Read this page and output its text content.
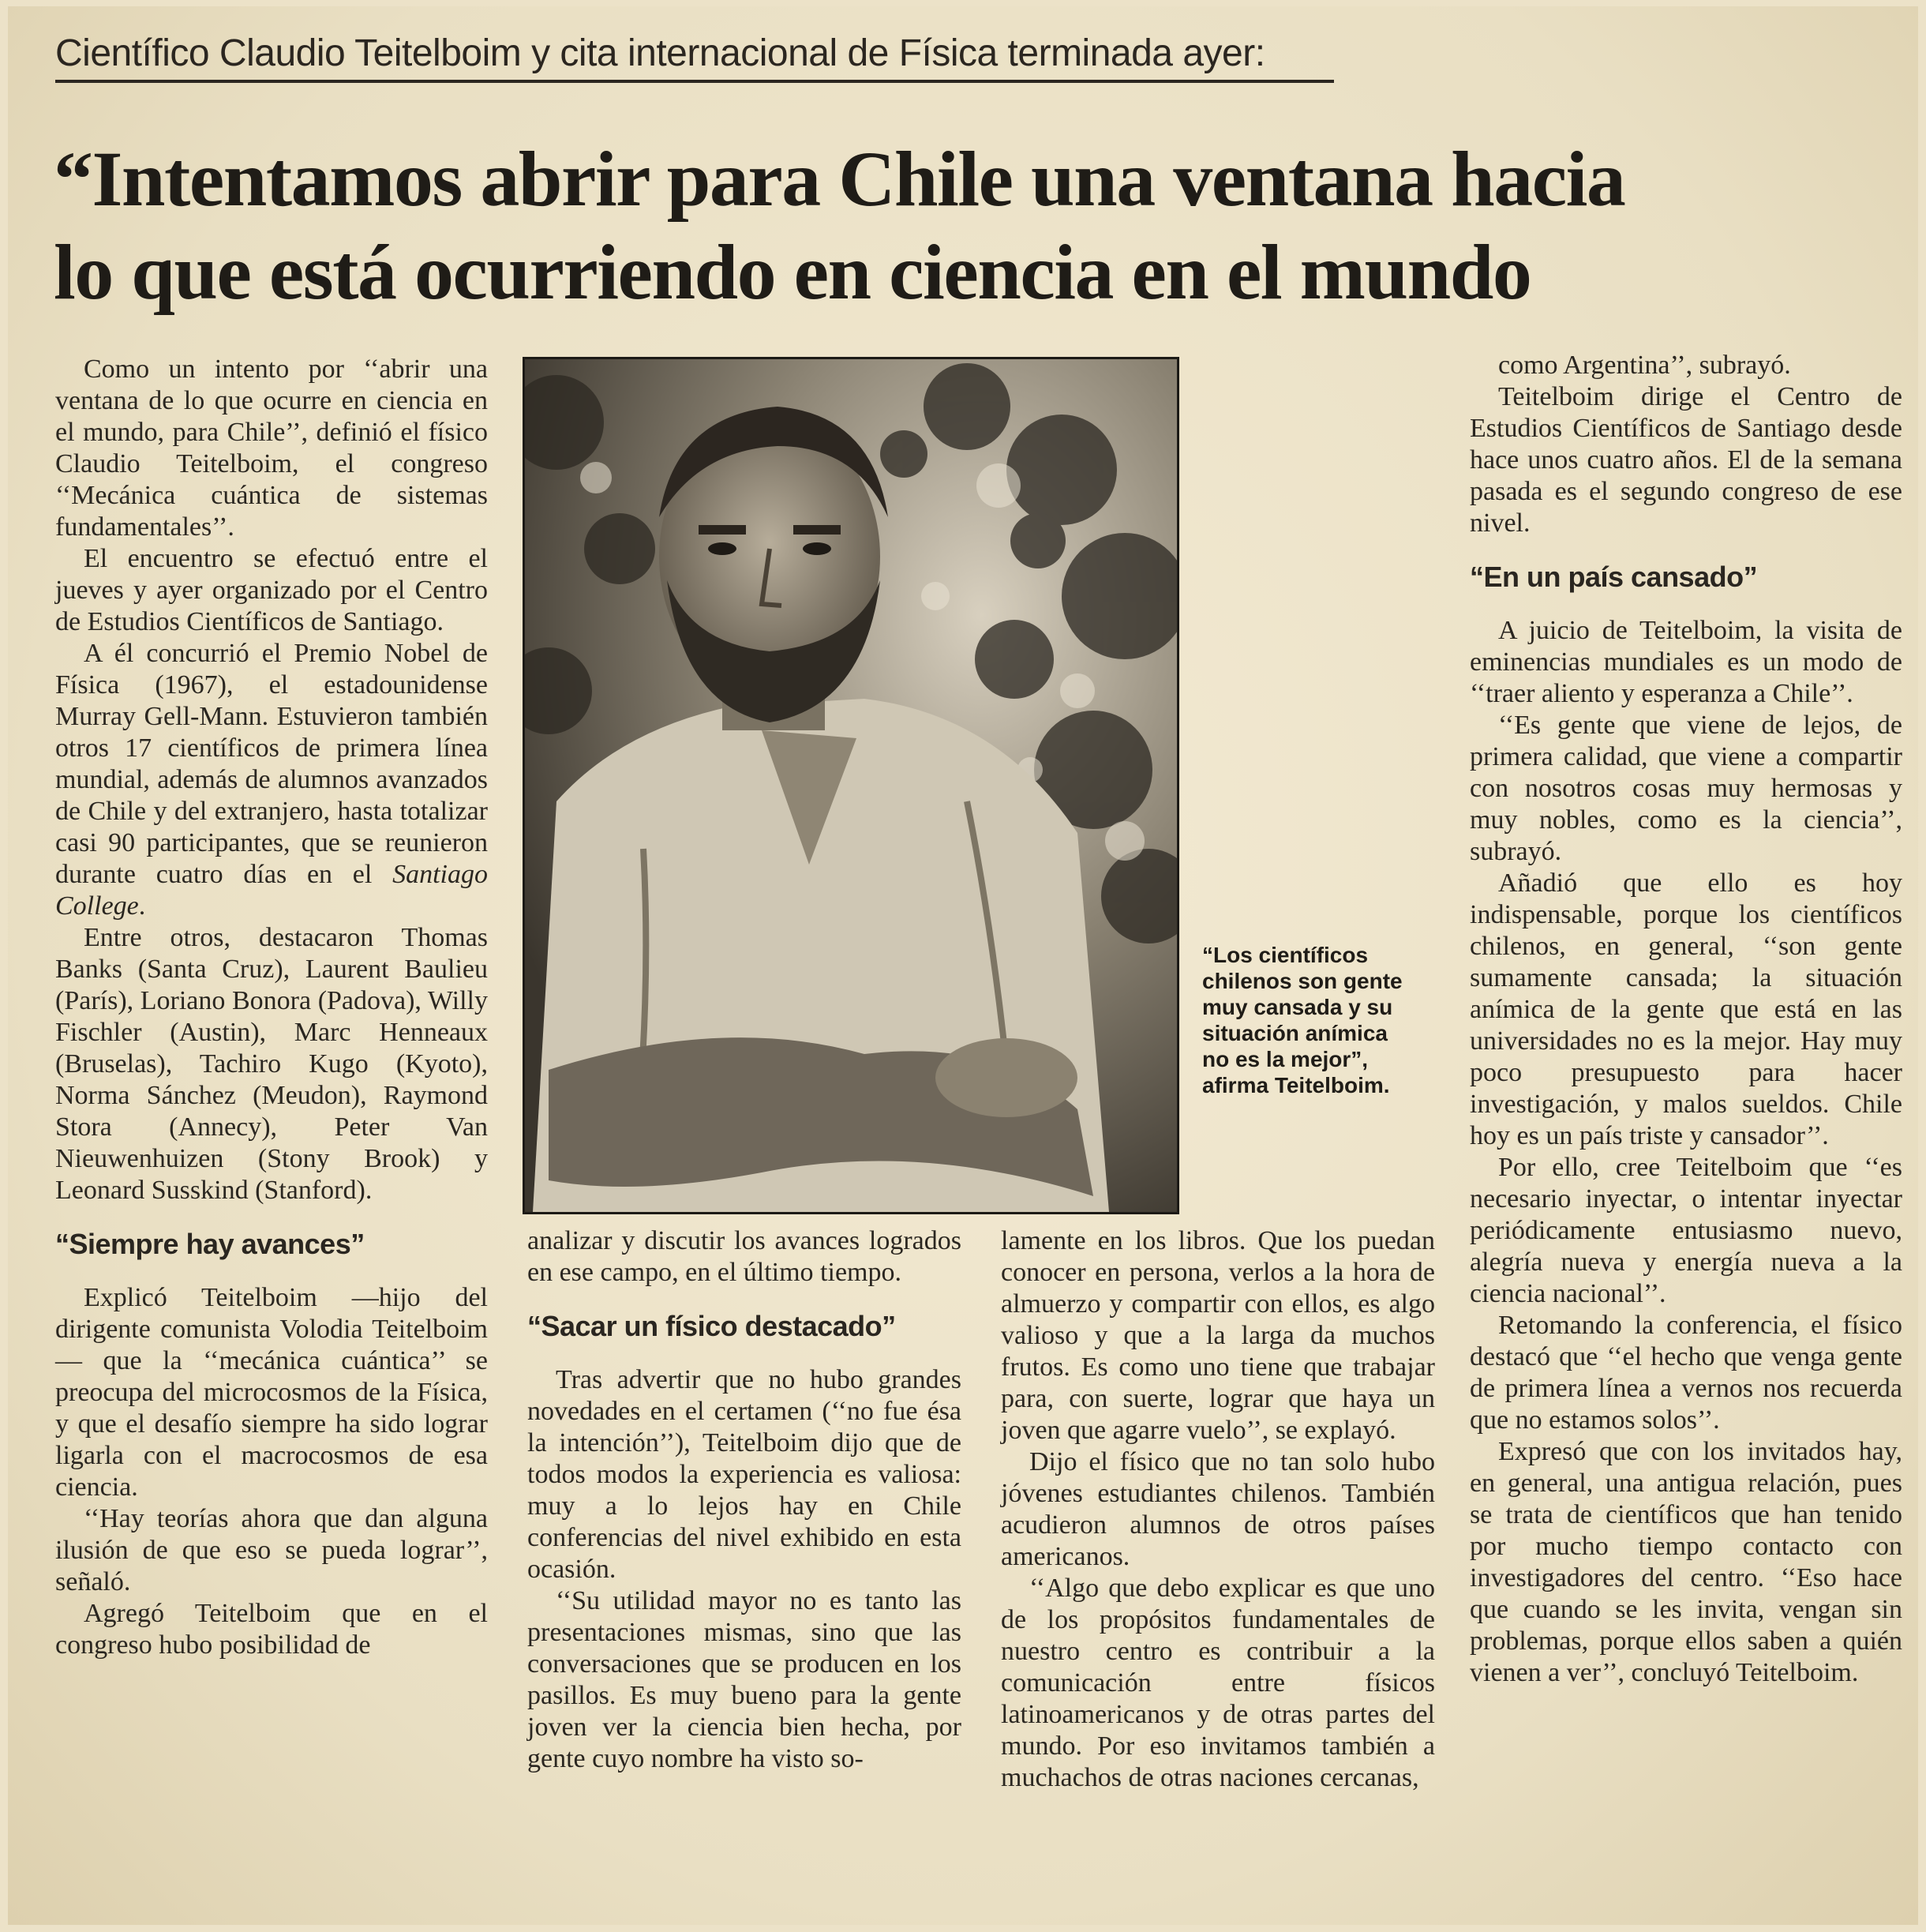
Científico Claudio Teitelboim y cita internacional de Física terminada ayer:
“Intentamos abrir para Chile una ventana hacia
lo que está ocurriendo en ciencia en el mundo

Como un intento por ‘‘abrir una ventana de lo que ocurre en ciencia en el mundo, para Chile’’, definió el físico Claudio Teitelboim, el congreso ‘‘Mecánica cuántica de sistemas fundamentales’’.

El encuentro se efectuó entre el jueves y ayer organizado por el Centro de Estudios Científicos de Santiago.

A él concurrió el Premio Nobel de Física (1967), el estadounidense Murray Gell-Mann. Estuvieron también otros 17 científicos de primera línea mundial, además de alumnos avanzados de Chile y del extranjero, hasta totalizar casi 90 participantes, que se reunieron durante cuatro días en el Santiago College.

Entre otros, destacaron Thomas Banks (Santa Cruz), Laurent Baulieu (París), Loriano Bonora (Padova), Willy Fischler (Austin), Marc Henneaux (Bruselas), Tachiro Kugo (Kyoto), Norma Sánchez (Meudon), Raymond Stora (Annecy), Peter Van Nieuwenhuizen (Stony Brook) y Leonard Susskind (Stanford).

“Siempre hay avances”

Explicó Teitelboim —hijo del dirigente comunista Volodia Teitelboim— que la ‘‘mecánica cuántica’’ se preocupa del microcosmos de la Física, y que el desafío siempre ha sido lograr ligarla con el macrocosmos de esa ciencia.

‘‘Hay teorías ahora que dan alguna ilusión de que eso se pueda lograr’’, señaló.

Agregó Teitelboim que en el congreso hubo posibilidad de

“Los científicos chilenos son gente muy cansada y su situación anímica no es la mejor”, afirma Teitelboim.

analizar y discutir los avances logrados en ese campo, en el último tiempo.

“Sacar un físico destacado”

Tras advertir que no hubo grandes novedades en el certamen (‘‘no fue ésa la intención’’), Teitelboim dijo que de todos modos la experiencia es valiosa: muy a lo lejos hay en Chile conferencias del nivel exhibido en esta ocasión.

‘‘Su utilidad mayor no es tanto las presentaciones mismas, sino que las conversaciones que se producen en los pasillos. Es muy bueno para la gente joven ver la ciencia bien hecha, por gente cuyo nombre ha visto so-

lamente en los libros. Que los puedan conocer en persona, verlos a la hora de almuerzo y compartir con ellos, es algo valioso y que a la larga da muchos frutos. Es como uno tiene que trabajar para, con suerte, lograr que haya un joven que agarre vuelo’’, se explayó.

Dijo el físico que no tan solo hubo jóvenes estudiantes chilenos. También acudieron alumnos de otros países americanos.

‘‘Algo que debo explicar es que uno de los propósitos fundamentales de nuestro centro es contribuir a la comunicación entre físicos latinoamericanos y de otras partes del mundo. Por eso invitamos también a muchachos de otras naciones cercanas,

como Argentina’’, subrayó.

Teitelboim dirige el Centro de Estudios Científicos de Santiago desde hace unos cuatro años. El de la semana pasada es el segundo congreso de ese nivel.

“En un país cansado”

A juicio de Teitelboim, la visita de eminencias mundiales es un modo de ‘‘traer aliento y esperanza a Chile’’.

‘‘Es gente que viene de lejos, de primera calidad, que viene a compartir con nosotros cosas muy hermosas y muy nobles, como es la ciencia’’, subrayó.

Añadió que ello es hoy indispensable, porque los científicos chilenos, en general, ‘‘son gente sumamente cansada; la situación anímica de la gente que está en las universidades no es la mejor. Hay muy poco presupuesto para hacer investigación, y malos sueldos. Chile hoy es un país triste y cansador’’.

Por ello, cree Teitelboim que ‘‘es necesario inyectar, o intentar inyectar periódicamente entusiasmo nuevo, alegría nueva y energía nueva a la ciencia nacional’’.

Retomando la conferencia, el físico destacó que ‘‘el hecho que venga gente de primera línea a vernos nos recuerda que no estamos solos’’.

Expresó que con los invitados hay, en general, una antigua relación, pues se trata de científicos que han tenido por mucho tiempo contacto con investigadores del centro. ‘‘Eso hace que cuando se les invita, vengan sin problemas, porque ellos saben a quién vienen a ver’’, concluyó Teitelboim.
